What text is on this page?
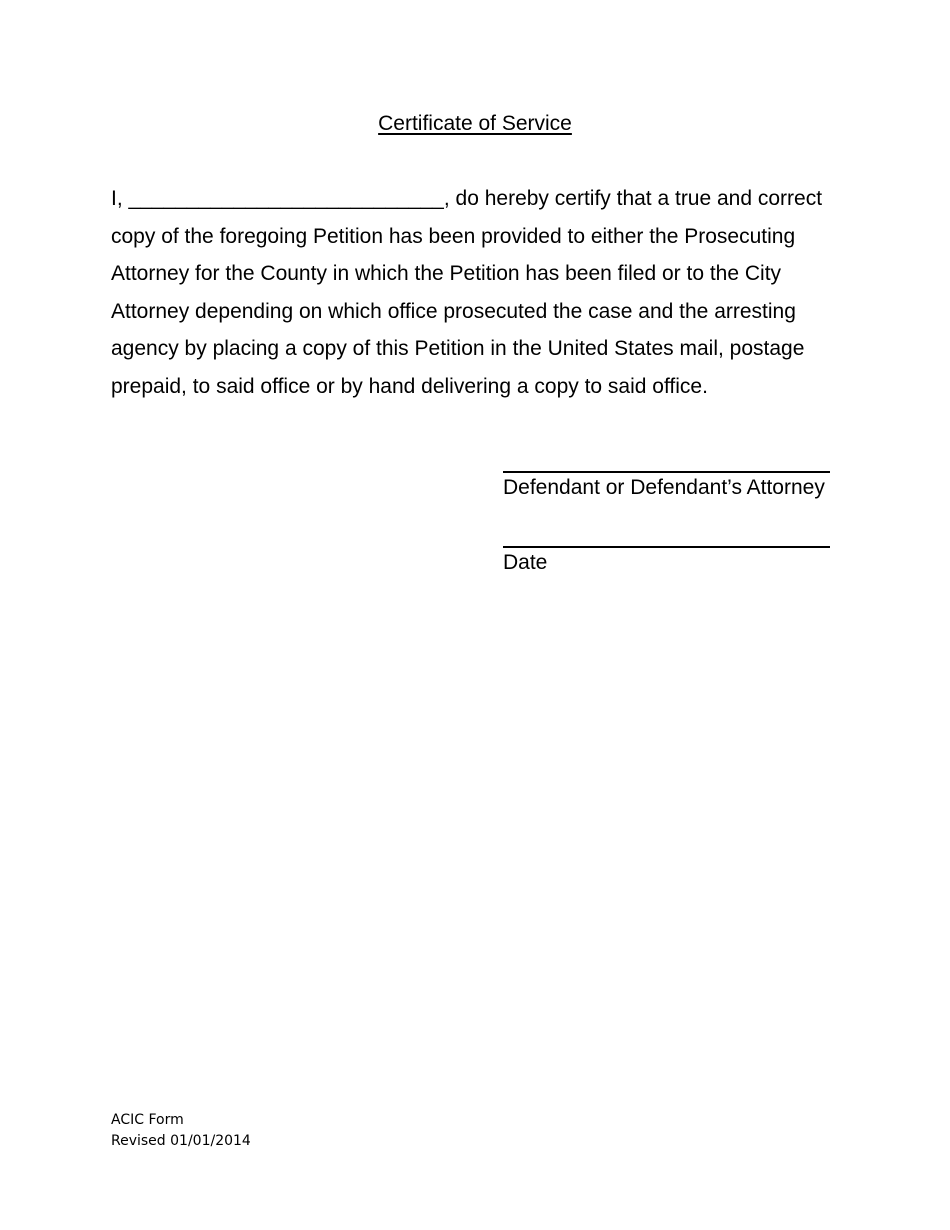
Certificate of Service

I, ___________________________, do hereby certify that a true and correct copy of the foregoing Petition has been provided to either the Prosecuting Attorney for the County in which the Petition has been filed or to the City Attorney depending on which office prosecuted the case and the arresting agency by placing a copy of this Petition in the United States mail, postage prepaid, to said office or by hand delivering a copy to said office.

Defendant or Defendant’s Attorney
Date
ACIC Form
Revised 01/01/2014
